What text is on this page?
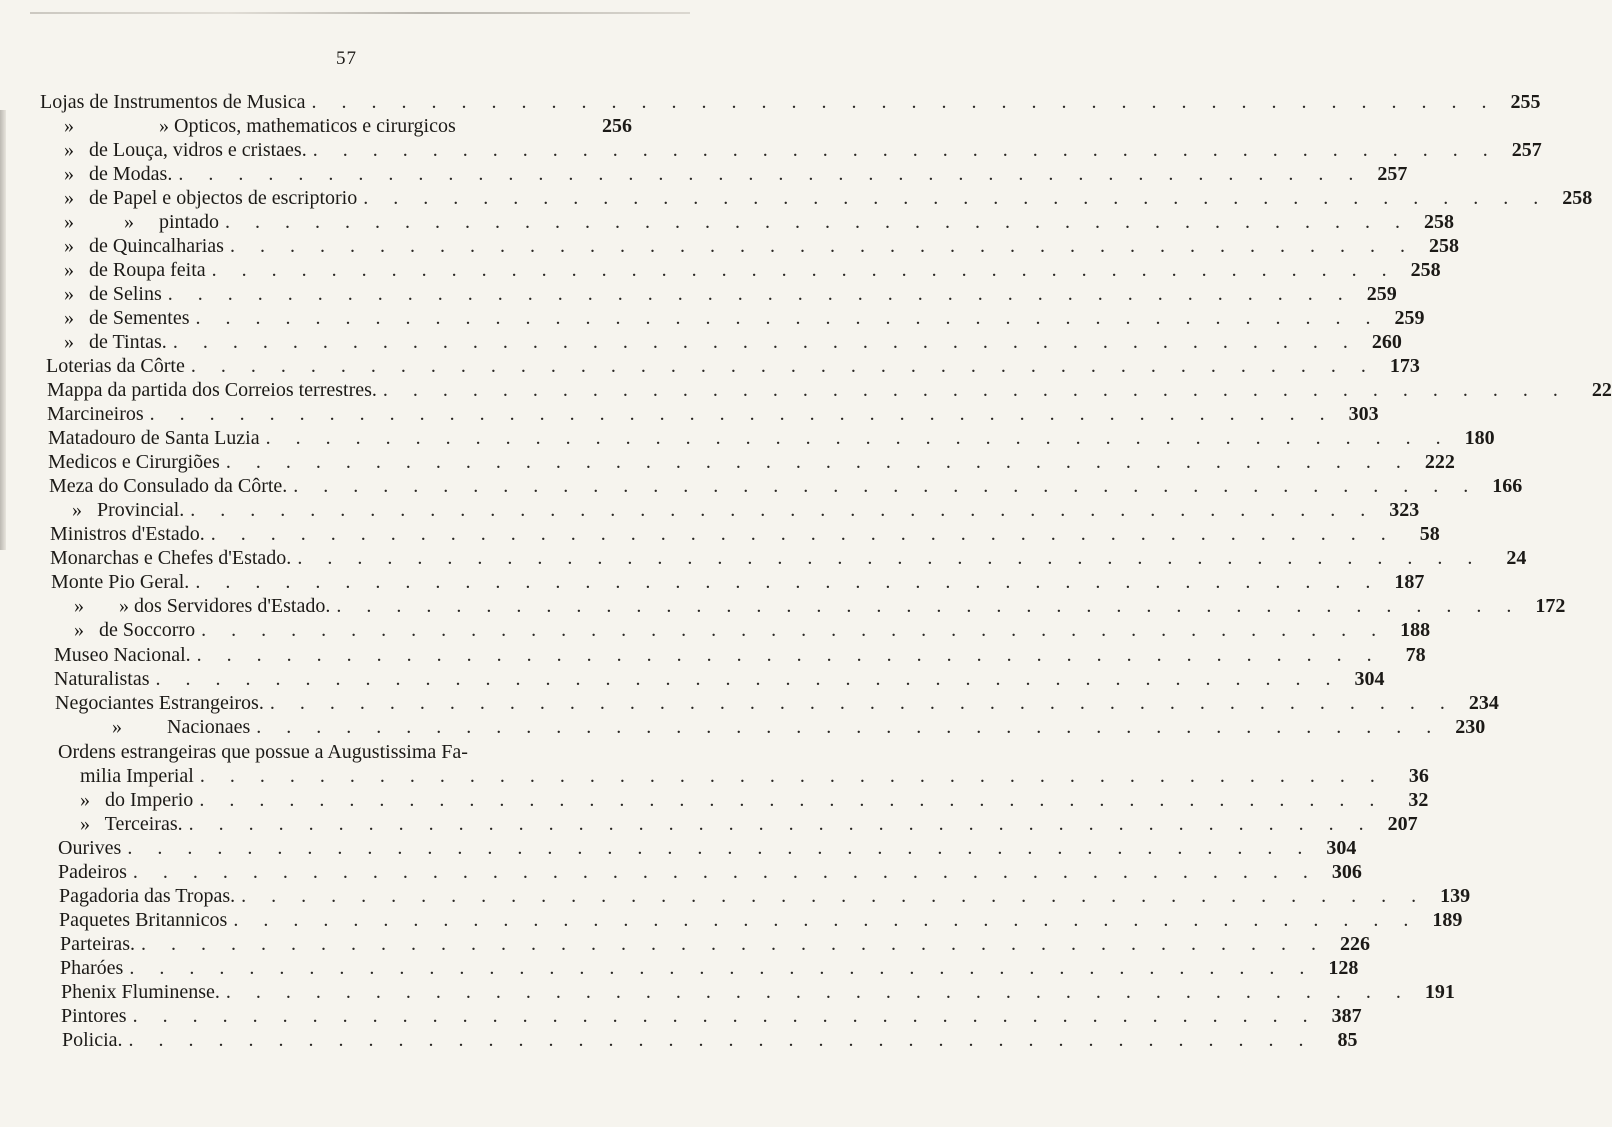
57
Lojas de Instrumentos de Musica . . . . . . . . . . . . . . . . . . . . . . . . . . . . . . . . . . . . . . . . 255
»                 » Opticos, mathematicos e cirurgicos	256
»   de Louça, vidros e cristaes. . . . . . . . . . . . . . . . . . . . . . . . . . . . . . . . . . . . . . . . . 257
»   de Modas. . . . . . . . . . . . . . . . . . . . . . . . . . . . . . . . . . . . . . . . . 257
»   de Papel e objectos de escriptorio . . . . . . . . . . . . . . . . . . . . . . . . . . . . . . . . . . . . . . . . 258
»          »     pintado . . . . . . . . . . . . . . . . . . . . . . . . . . . . . . . . . . . . . . . . 258
»   de Quincalharias . . . . . . . . . . . . . . . . . . . . . . . . . . . . . . . . . . . . . . . . 258
»   de Roupa feita . . . . . . . . . . . . . . . . . . . . . . . . . . . . . . . . . . . . . . . . 258
»   de Selins . . . . . . . . . . . . . . . . . . . . . . . . . . . . . . . . . . . . . . . . 259
»   de Sementes . . . . . . . . . . . . . . . . . . . . . . . . . . . . . . . . . . . . . . . . 259
»   de Tintas. . . . . . . . . . . . . . . . . . . . . . . . . . . . . . . . . . . . . . . . . 260
Loterias da Côrte . . . . . . . . . . . . . . . . . . . . . . . . . . . . . . . . . . . . . . . . 173
Mappa da partida dos Correios terrestres. . . . . . . . . . . . . . . . . . . . . . . . . . . . . . . . . . . . . . . . .	22
Marcineiros . . . . . . . . . . . . . . . . . . . . . . . . . . . . . . . . . . . . . . . . 303
Matadouro de Santa Luzia . . . . . . . . . . . . . . . . . . . . . . . . . . . . . . . . . . . . . . . . 180
Medicos e Cirurgiões . . . . . . . . . . . . . . . . . . . . . . . . . . . . . . . . . . . . . . . . 222
Meza do Consulado da Côrte. . . . . . . . . . . . . . . . . . . . . . . . . . . . . . . . . . . . . . . . . 166
»   Provincial. . . . . . . . . . . . . . . . . . . . . . . . . . . . . . . . . . . . . . . . . 323
Ministros d'Estado. . . . . . . . . . . . . . . . . . . . . . . . . . . . . . . . . . . . . . . . .	58
Monarchas e Chefes d'Estado. . . . . . . . . . . . . . . . . . . . . . . . . . . . . . . . . . . . . . . . .	24
Monte Pio Geral. . . . . . . . . . . . . . . . . . . . . . . . . . . . . . . . . . . . . . . . . 187
»       » dos Servidores d'Estado. . . . . . . . . . . . . . . . . . . . . . . . . . . . . . . . . . . . . . . . . 172
»   de Soccorro . . . . . . . . . . . . . . . . . . . . . . . . . . . . . . . . . . . . . . . . 188
Museo Nacional. . . . . . . . . . . . . . . . . . . . . . . . . . . . . . . . . . . . . . . . .	78
Naturalistas . . . . . . . . . . . . . . . . . . . . . . . . . . . . . . . . . . . . . . . . 304
Negociantes Estrangeiros. . . . . . . . . . . . . . . . . . . . . . . . . . . . . . . . . . . . . . . . . 234
»         Nacionaes . . . . . . . . . . . . . . . . . . . . . . . . . . . . . . . . . . . . . . . . 230
Ordens estrangeiras que possue a Augustissima Fa-
milia Imperial . . . . . . . . . . . . . . . . . . . . . . . . . . . . . . . . . . . . . . . .	36
»   do Imperio . . . . . . . . . . . . . . . . . . . . . . . . . . . . . . . . . . . . . . . .	32
»   Terceiras. . . . . . . . . . . . . . . . . . . . . . . . . . . . . . . . . . . . . . . . . 207
Ourives . . . . . . . . . . . . . . . . . . . . . . . . . . . . . . . . . . . . . . . . 304
Padeiros . . . . . . . . . . . . . . . . . . . . . . . . . . . . . . . . . . . . . . . . 306
Pagadoria das Tropas. . . . . . . . . . . . . . . . . . . . . . . . . . . . . . . . . . . . . . . . . 139
Paquetes Britannicos . . . . . . . . . . . . . . . . . . . . . . . . . . . . . . . . . . . . . . . . 189
Parteiras. . . . . . . . . . . . . . . . . . . . . . . . . . . . . . . . . . . . . . . . . 226
Pharóes . . . . . . . . . . . . . . . . . . . . . . . . . . . . . . . . . . . . . . . . 128
Phenix Fluminense. . . . . . . . . . . . . . . . . . . . . . . . . . . . . . . . . . . . . . . . . 191
Pintores . . . . . . . . . . . . . . . . . . . . . . . . . . . . . . . . . . . . . . . . 387
Policia. . . . . . . . . . . . . . . . . . . . . . . . . . . . . . . . . . . . . . . . .	85
